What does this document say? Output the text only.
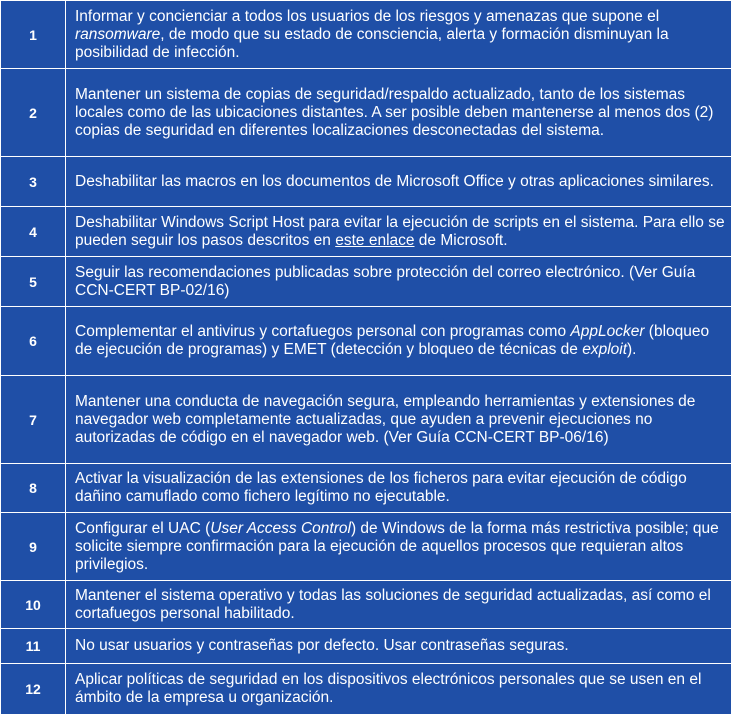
1	Informar y concienciar a todos los usuarios de los riesgos y amenazas que supone el ransomware, de modo que su estado de consciencia, alerta y formación disminuyan la posibilidad de infección.
2	Mantener un sistema de copias de seguridad/respaldo actualizado, tanto de los sistemas locales como de las ubicaciones distantes. A ser posible deben mantenerse al menos dos (2) copias de seguridad en diferentes localizaciones desconectadas del sistema.
3	Deshabilitar las macros en los documentos de Microsoft Office y otras aplicaciones similares.
4	Deshabilitar Windows Script Host para evitar la ejecución de scripts en el sistema. Para ello se pueden seguir los pasos descritos en este enlace de Microsoft.
5	Seguir las recomendaciones publicadas sobre protección del correo electrónico. (Ver Guía CCN-CERT BP-02/16)
6	Complementar el antivirus y cortafuegos personal con programas como AppLocker (bloqueo de ejecución de programas) y EMET (detección y bloqueo de técnicas de exploit).
7	Mantener una conducta de navegación segura, empleando herramientas y extensiones de navegador web completamente actualizadas, que ayuden a prevenir ejecuciones no autorizadas de código en el navegador web. (Ver Guía CCN-CERT BP-06/16)
8	Activar la visualización de las extensiones de los ficheros para evitar ejecución de código dañino camuflado como fichero legítimo no ejecutable.
9	Configurar el UAC (User Access Control) de Windows de la forma más restrictiva posible; que solicite siempre confirmación para la ejecución de aquellos procesos que requieran altos privilegios.
10	Mantener el sistema operativo y todas las soluciones de seguridad actualizadas, así como el cortafuegos personal habilitado.
11	No usar usuarios y contraseñas por defecto. Usar contraseñas seguras.
12	Aplicar políticas de seguridad en los dispositivos electrónicos personales que se usen en el ámbito de la empresa u organización.
